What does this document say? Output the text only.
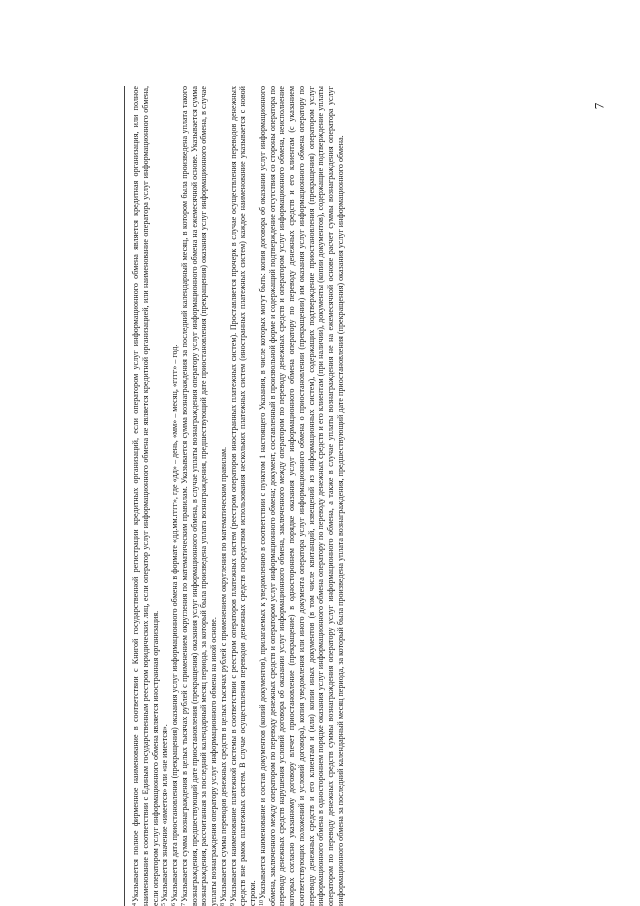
7

$^4$Указывается полное фирменное наименование в соответствии с Книгой государственной регистрации кредитных организаций, если оператором услуг информационного обмена является кредитная организация, или полное наименование в соответствии с Единым государственным реестром юридических лиц, если оператор услуг информационного обмена не является кредитной организацией, или наименование оператора услуг информационного обмена, если оператором услуг информационного обмена является иностранная организация. $^5$Указывается значение «имеется» или «не имеется».

$^6$Указывается дата приостановления (прекращения) оказания услуг информационного обмена в формате «дд.мм.гггг», где «дд» – день, «мм» – месяц, «гггг» – год.

$^7$Указывается сумма вознаграждения в целых тысячах рублей с применением округления по математическим правилам. Указывается сумма вознаграждения за последний календарный месяц, в котором была произведена уплата такого вознаграждения, предшествующий дате приостановления (прекращения) оказания услуг информационного обмена, в случае уплаты вознаграждения оператору услуг информационного обмена на ежемесячной основе. Указывается сумма вознаграждения, рассчитанная за последний календарный месяц периода, за который была произведена уплата вознаграждения, предшествующий дате приостановления (прекращения) оказания услуг информационного обмена, в случае уплаты вознаграждения оператору услуг информационного обмена на иной основе. $^8$Указывается сумма переводов денежных средств в целых тысячах рублей с применением округления по математическим правилам.

$^9$Указывается наименование платежной системы в соответствии с реестром операторов платежных систем (реестром операторов иностранных платежных систем). Проставляется прочерк в случае осуществления переводов денежных средств вне рамок платежных систем. В случае осуществления переводов денежных средств посредством использования нескольких платежных систем (иностранных платежных систем) каждое наименование указывается с новой строки. $^{10}$Указывается наименование и состав документов (копий документов), прилагаемых к уведомлению в соответствии с пунктом 1 настоящего Указания, в числе которых могут быть: копия договора об оказании услуг информационного обмена, заключенного между оператором по переводу денежных средств и оператором услуг информационного обмена; документ, составленный в произвольной форме и содержащий подтверждение отсутствия со стороны оператора по переводу денежных средств нарушения условий договора об оказании услуг информационного обмена, заключенного между оператором по переводу денежных средств и оператором услуг информационного обмена, неисполнение которых согласно указанному договору влечет приостановление (прекращение) в одностороннем порядке оказания услуг информационного обмена оператору по переводу денежных средств и его клиентам (с указанием соответствующих положений и условий договора), копия уведомления или иного документа оператора услуг информационного обмена о приостановлении (прекращении) им оказания услуг информационного обмена оператору по переводу денежных средств и его клиентам и (или) копии иных документов (в том числе квитанций, извещений из информационных систем), содержащих подтверждение приостановления (прекращения) оператором услуг информационного обмена в одностороннем порядке оказания услуг информационного обмена оператору по переводу денежных средств и его клиентам (при наличии), документы (копии документов), содержащие подтверждение уплаты оператором по переводу денежных средств суммы вознаграждения оператору услуг информационного обмена, а также в случае уплаты вознаграждения не на ежемесячной основе расчет суммы вознаграждения оператора услуг информационного обмена за последний календарный месяц периода, за который была произведена уплата вознаграждения, предшествующий дате приостановления (прекращения) оказания услуг информационного обмена.
